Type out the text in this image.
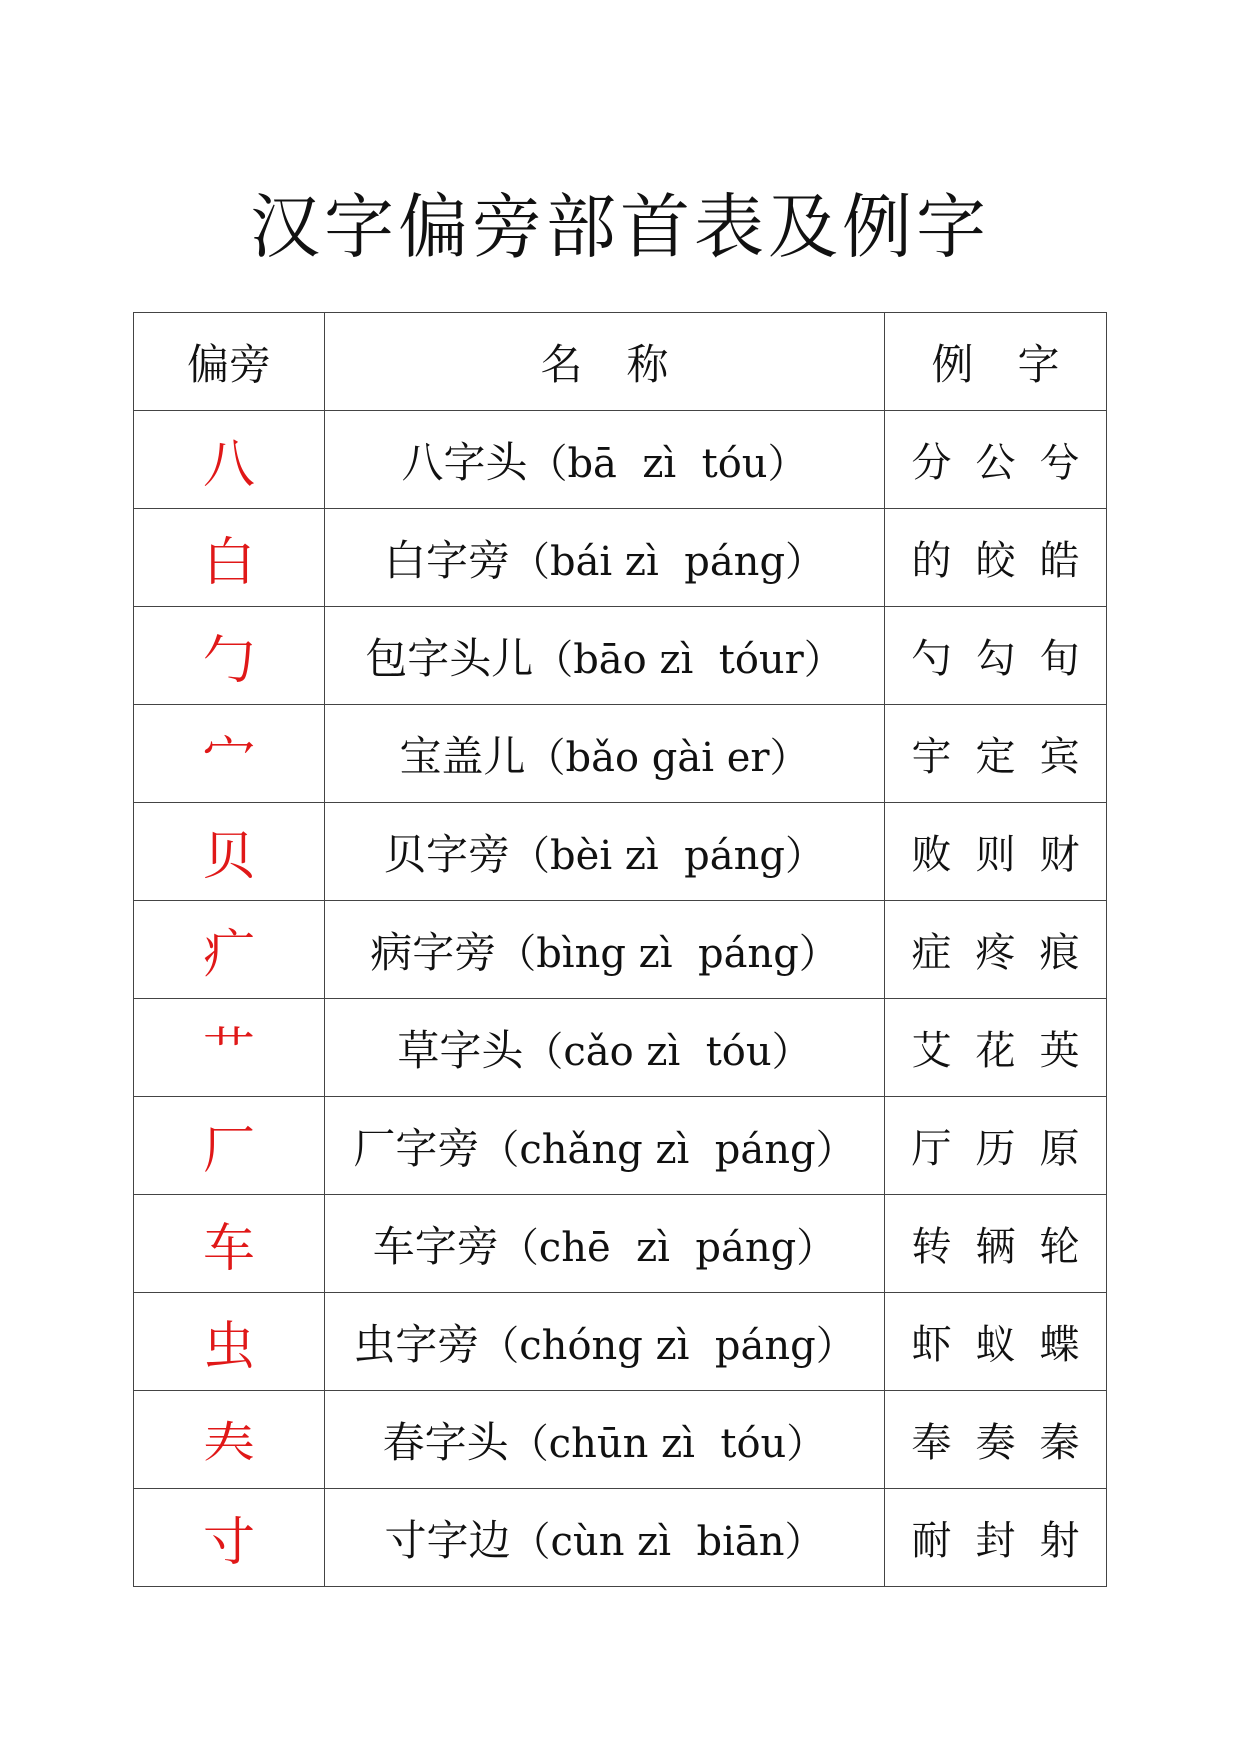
汉字偏旁部首表及例字
偏旁	名称	例字
八	八字头（bā  zì  tóu）	分 公 兮
白	白字旁（bái zì  páng）	的 皎 皓
勹	包字头儿（bāo zì  tóur）	勺 勾 旬
宀	宝盖儿（bǎo gài er）	宇 定 宾
贝	贝字旁（bèi zì  páng）	败 则 财
疒	病字旁（bìng zì  páng）	症 疼 痕
艹	草字头（cǎo zì  tóu）	艾 花 英
厂	厂字旁（chǎng zì  páng）	厅 历 原
车	车字旁（chē  zì  páng）	转 辆 轮
虫	虫字旁（chóng zì  páng）	虾 蚁 蝶
𡗗	春字头（chūn zì  tóu）	奉 奏 秦
寸	寸字边（cùn zì  biān）	耐 封 射
